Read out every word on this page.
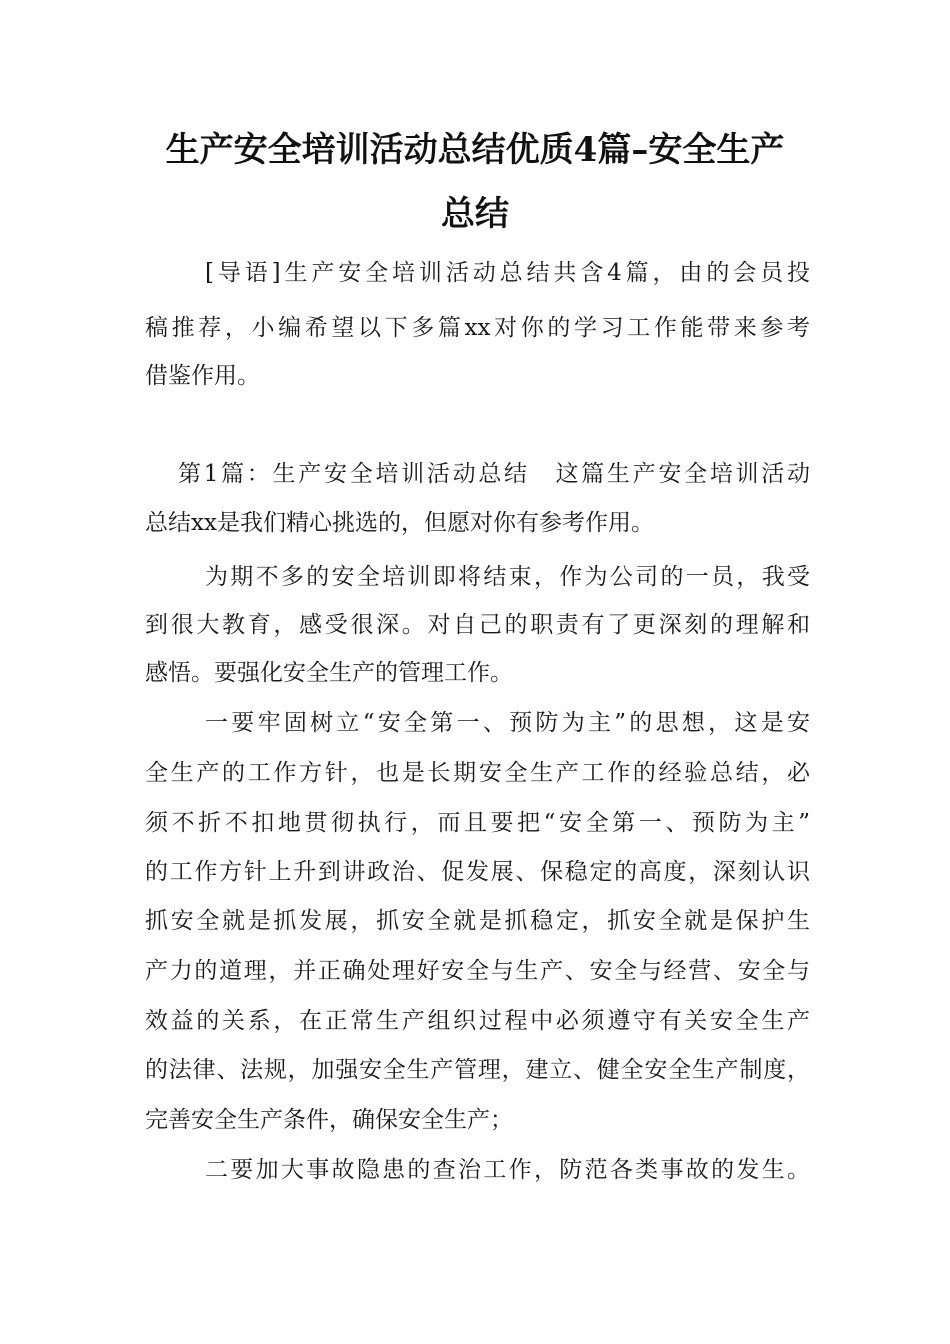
生产安全培训活动总结优质4篇–安全生产
总结

[导语]生产安全培训活动总结共含4篇，由的会员投

稿推荐，小编希望以下多篇xx对你的学习工作能带来参考

借鉴作用。

第1篇：生产安全培训活动总结　这篇生产安全培训活动

总结xx是我们精心挑选的，但愿对你有参考作用。

为期不多的安全培训即将结束，作为公司的一员，我受

到很大教育，感受很深。对自己的职责有了更深刻的理解和

感悟。要强化安全生产的管理工作。

一要牢固树立“安全第一、预防为主”的思想，这是安

全生产的工作方针，也是长期安全生产工作的经验总结，必

须不折不扣地贯彻执行，而且要把“安全第一、预防为主”

的工作方针上升到讲政治、促发展、保稳定的高度，深刻认识

抓安全就是抓发展，抓安全就是抓稳定，抓安全就是保护生

产力的道理，并正确处理好安全与生产、安全与经营、安全与

效益的关系，在正常生产组织过程中必须遵守有关安全生产

的法律、法规，加强安全生产管理，建立、健全安全生产制度，

完善安全生产条件，确保安全生产；

二要加大事故隐患的查治工作，防范各类事故的发生。
